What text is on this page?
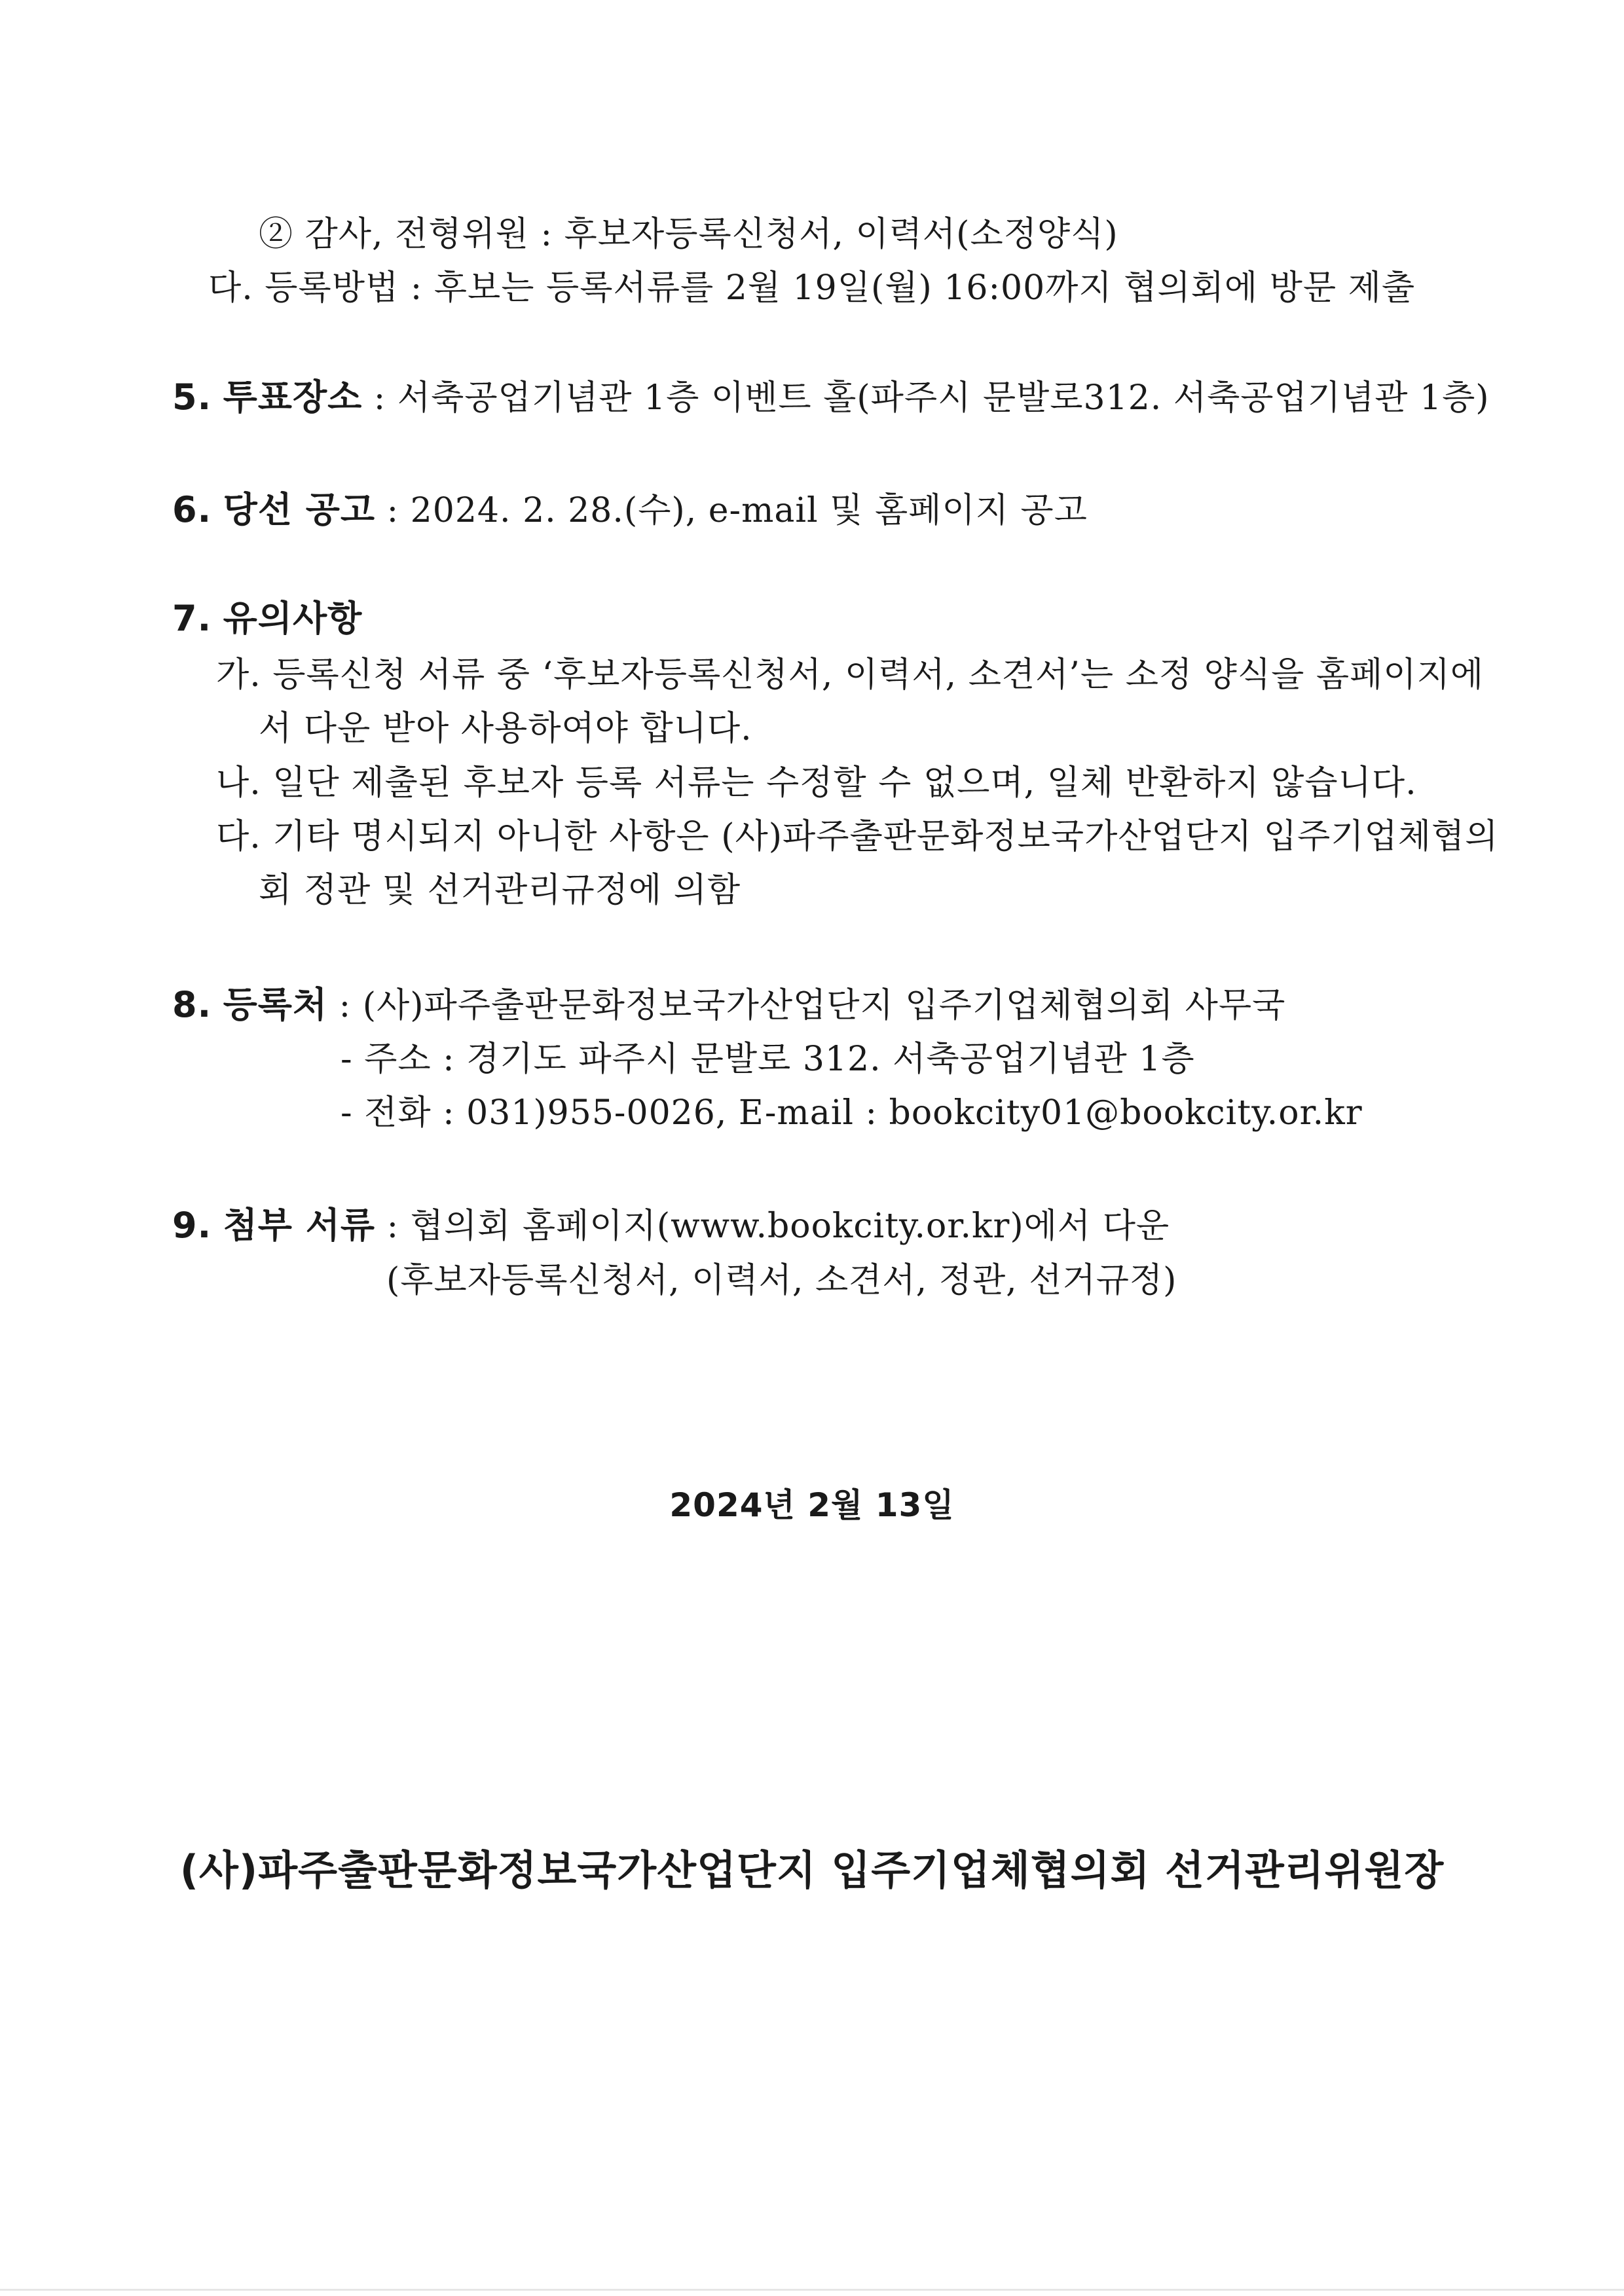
② 감사, 전형위원 : 후보자등록신청서, 이력서(소정양식)
다. 등록방법 : 후보는 등록서류를 2월 19일(월) 16:00까지 협의회에 방문 제출
5. 투표장소 : 서축공업기념관 1층 이벤트 홀(파주시 문발로312. 서축공업기념관 1층)
6. 당선 공고 : 2024. 2. 28.(수), e-mail 및 홈페이지 공고
7. 유의사항
가. 등록신청 서류 중 ‘후보자등록신청서, 이력서, 소견서’는 소정 양식을 홈페이지에
서 다운 받아 사용하여야 합니다.
나. 일단 제출된 후보자 등록 서류는 수정할 수 없으며, 일체 반환하지 않습니다.
다. 기타 명시되지 아니한 사항은 (사)파주출판문화정보국가산업단지 입주기업체협의
회 정관 및 선거관리규정에 의함
8. 등록처 : (사)파주출판문화정보국가산업단지 입주기업체협의회 사무국
- 주소 : 경기도 파주시 문발로 312. 서축공업기념관 1층
- 전화 : 031)955-0026, E-mail : bookcity01@bookcity.or.kr
9. 첨부 서류 : 협의회 홈페이지(www.bookcity.or.kr)에서 다운
(후보자등록신청서, 이력서, 소견서, 정관, 선거규정)
2024년 2월 13일
(사)파주출판문화정보국가산업단지 입주기업체협의회 선거관리위원장
